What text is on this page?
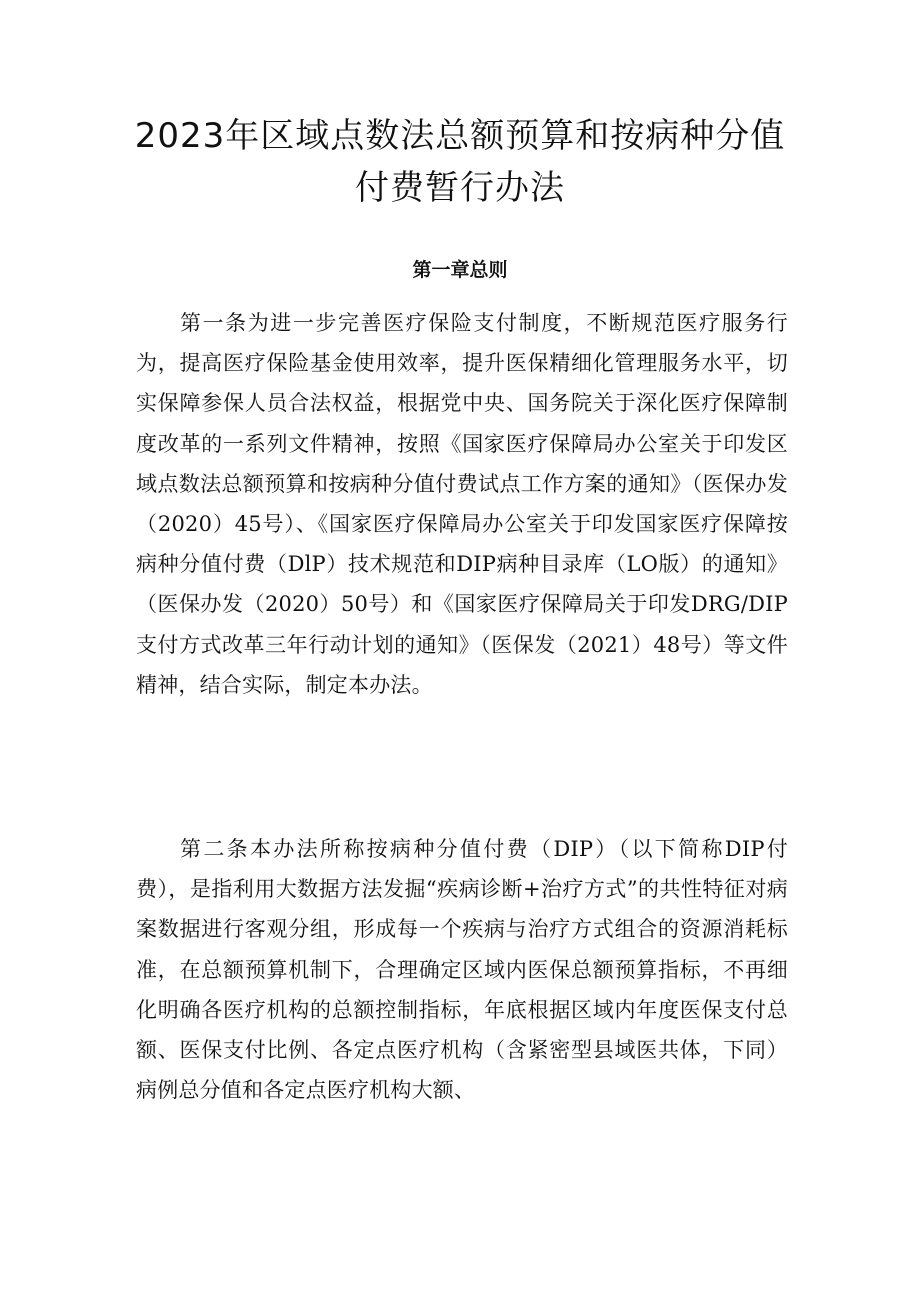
2023年区域点数法总额预算和按病种分值
付费暂行办法
第一章总则

第一条为进一步完善医疗保险支付制度，不断规范医疗服务行为，提高医疗保险基金使用效率，提升医保精细化管理服务水平，切实保障参保人员合法权益，根据党中央、国务院关于深化医疗保障制度改革的一系列文件精神，按照《国家医疗保障局办公室关于印发区域点数法总额预算和按病种分值付费试点工作方案的通知》（医保办发（2020）45号）、《国家医疗保障局办公室关于印发国家医疗保障按病种分值付费（DlP）技术规范和DIP病种目录库（LO版）的通知》（医保办发（2020）50号）和《国家医疗保障局关于印发DRG/DIP支付方式改革三年行动计划的通知》（医保发（2021）48号）等文件精神，结合实际，制定本办法。

第二条本办法所称按病种分值付费（DIP）（以下简称DIP付费），是指利用大数据方法发掘“疾病诊断+治疗方式”的共性特征对病案数据进行客观分组，形成每一个疾病与治疗方式组合的资源消耗标准，在总额预算机制下，合理确定区域内医保总额预算指标，不再细化明确各医疗机构的总额控制指标，年底根据区域内年度医保支付总额、医保支付比例、各定点医疗机构（含紧密型县域医共体，下同）病例总分值和各定点医疗机构大额、
